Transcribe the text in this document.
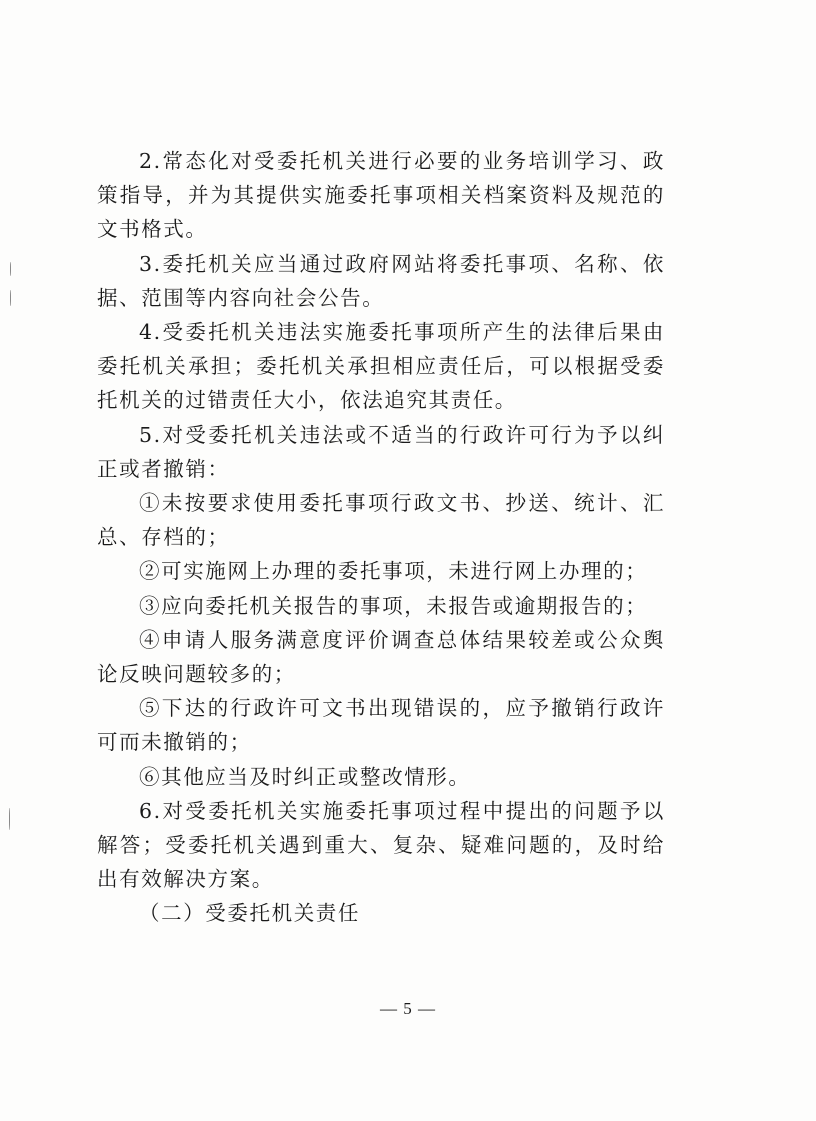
2.常态化对受委托机关进行必要的业务培训学习、政策指导，并为其提供实施委托事项相关档案资料及规范的文书格式。

3.委托机关应当通过政府网站将委托事项、名称、依据、范围等内容向社会公告。

4.受委托机关违法实施委托事项所产生的法律后果由委托机关承担；委托机关承担相应责任后，可以根据受委托机关的过错责任大小，依法追究其责任。

5.对受委托机关违法或不适当的行政许可行为予以纠正或者撤销：

①未按要求使用委托事项行政文书、抄送、统计、汇总、存档的；

②可实施网上办理的委托事项，未进行网上办理的；

③应向委托机关报告的事项，未报告或逾期报告的；

④申请人服务满意度评价调查总体结果较差或公众舆论反映问题较多的；

⑤下达的行政许可文书出现错误的，应予撤销行政许可而未撤销的；

⑥其他应当及时纠正或整改情形。

6.对受委托机关实施委托事项过程中提出的问题予以解答；受委托机关遇到重大、复杂、疑难问题的，及时给出有效解决方案。

（二）受委托机关责任

— 5 —
